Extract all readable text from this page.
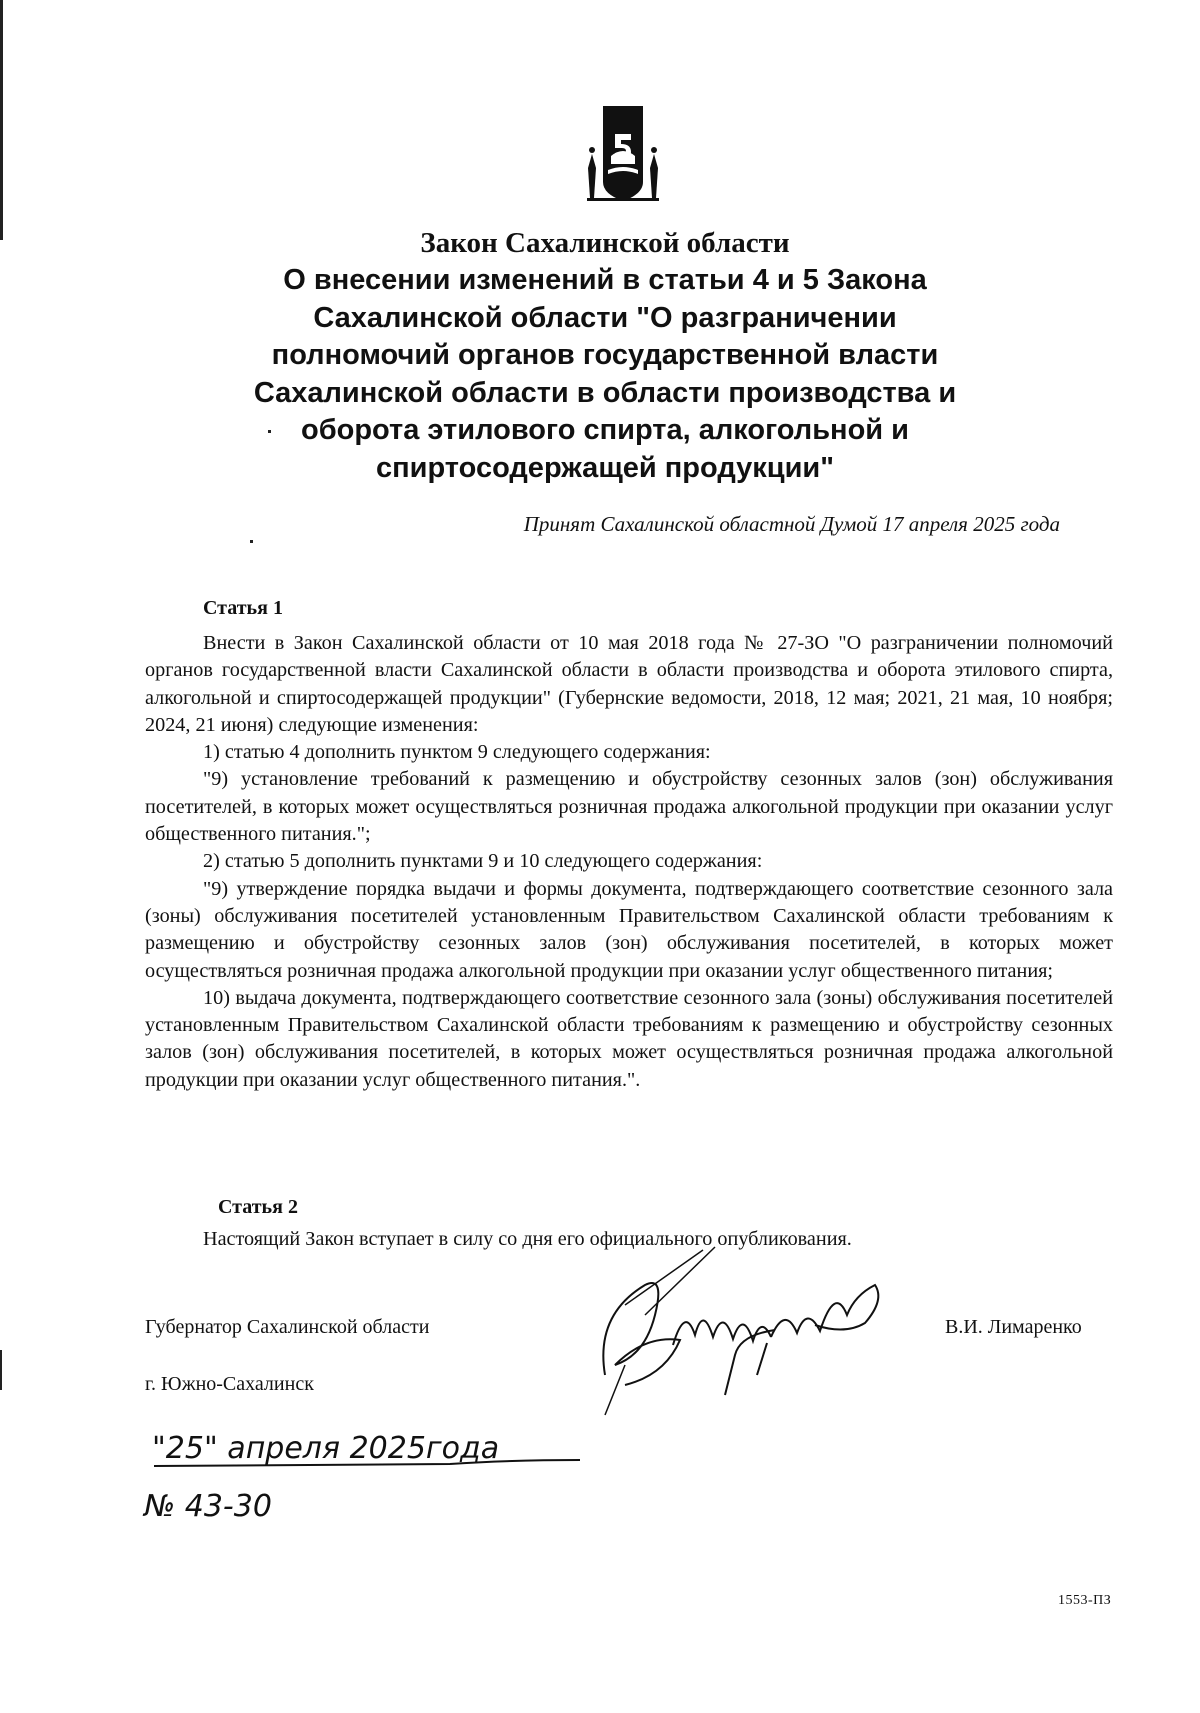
Закон Сахалинской области

О внесении изменений в статьи 4 и 5 Закона

Сахалинской области "О разграничении

полномочий органов государственной власти

Сахалинской области в области производства и

оборота этилового спирта, алкогольной и

спиртосодержащей продукции"

Принят Сахалинской областной Думой 17 апреля 2025 года
Статья 1

Внести в Закон Сахалинской области от 10 мая 2018 года № 27-ЗО "О разграничении полномочий органов государственной власти Сахалинской области в области производства и оборота этилового спирта, алкогольной и спиртосодержащей продукции" (Губернские ведомости, 2018, 12 мая; 2021, 21 мая, 10 ноября; 2024, 21 июня) следующие изменения:

1) статью 4 дополнить пунктом 9 следующего содержания:

"9) установление требований к размещению и обустройству сезонных залов (зон) обслуживания посетителей, в которых может осуществляться розничная продажа алкогольной продукции при оказании услуг общественного питания.";

2) статью 5 дополнить пунктами 9 и 10 следующего содержания:

"9) утверждение порядка выдачи и формы документа, подтверждающего соответствие сезонного зала (зоны) обслуживания посетителей установленным Правительством Сахалинской области требованиям к размещению и обустройству сезонных залов (зон) обслуживания посетителей, в которых может осуществляться розничная продажа алкогольной продукции при оказании услуг общественного питания;

10) выдача документа, подтверждающего соответствие сезонного зала (зоны) обслуживания посетителей установленным Правительством Сахалинской области требованиям к размещению и обустройству сезонных залов (зон) обслуживания посетителей, в которых может осуществляться розничная продажа алкогольной продукции при оказании услуг общественного питания.".

Статья 2

Настоящий Закон вступает в силу со дня его официального опубликования.

Губернатор Сахалинской области	В.И. Лимаренко
г. Южно-Сахалинск
"25" апреля 2025года
№ 43-30
1553-ПЗ
